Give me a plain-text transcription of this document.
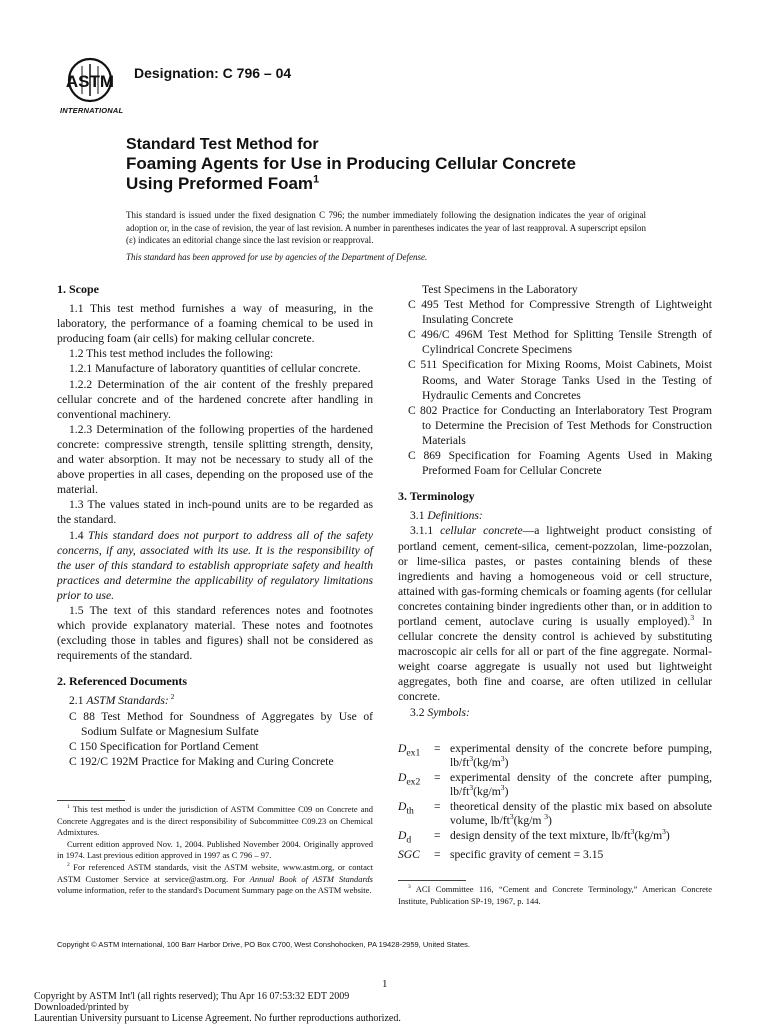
ASTM
INTERNATIONAL
Designation: C 796 – 04
Standard Test Method for
Foaming Agents for Use in Producing Cellular Concrete
Using Preformed Foam$^1$
This standard is issued under the fixed designation C 796; the number immediately following the designation indicates the year of original adoption or, in the case of revision, the year of last revision. A number in parentheses indicates the year of last reapproval. A superscript epsilon (ε) indicates an editorial change since the last revision or reapproval.
This standard has been approved for use by agencies of the Department of Defense.
1. Scope

1.1 This test method furnishes a way of measuring, in the laboratory, the performance of a foaming chemical to be used in producing foam (air cells) for making cellular concrete.

1.2 This test method includes the following:

1.2.1 Manufacture of laboratory quantities of cellular concrete.

1.2.2 Determination of the air content of the freshly prepared cellular concrete and of the hardened concrete after handling in conventional machinery.

1.2.3 Determination of the following properties of the hardened concrete: compressive strength, tensile splitting strength, density, and water absorption. It may not be necessary to study all of the above properties in all cases, depending on the proposed use of the material.

1.3 The values stated in inch-pound units are to be regarded as the standard.

1.4 This standard does not purport to address all of the safety concerns, if any, associated with its use. It is the responsibility of the user of this standard to establish appropriate safety and health practices and determine the applicability of regulatory limitations prior to use.

1.5 The text of this standard references notes and footnotes which provide explanatory material. These notes and footnotes (excluding those in tables and figures) shall not be considered as requirements of the standard.

2. Referenced Documents

2.1 ASTM Standards: $^2$

C 88 Test Method for Soundness of Aggregates by Use of Sodium Sulfate or Magnesium Sulfate

C 150 Specification for Portland Cement

C 192/C 192M Practice for Making and Curing Concrete

$^1$ This test method is under the jurisdiction of ASTM Committee C09 on Concrete and Concrete Aggregates and is the direct responsibility of Subcommittee C09.23 on Chemical Admixtures.

Current edition approved Nov. 1, 2004. Published November 2004. Originally approved in 1974. Last previous edition approved in 1997 as C 796 – 97.

$^2$ For referenced ASTM standards, visit the ASTM website, www.astm.org, or contact ASTM Customer Service at service@astm.org. For Annual Book of ASTM Standards volume information, refer to the standard's Document Summary page on the ASTM website.

Test Specimens in the Laboratory

C 495 Test Method for Compressive Strength of Lightweight Insulating Concrete

C 496/C 496M Test Method for Splitting Tensile Strength of Cylindrical Concrete Specimens

C 511 Specification for Mixing Rooms, Moist Cabinets, Moist Rooms, and Water Storage Tanks Used in the Testing of Hydraulic Cements and Concretes

C 802 Practice for Conducting an Interlaboratory Test Program to Determine the Precision of Test Methods for Construction Materials

C 869 Specification for Foaming Agents Used in Making Preformed Foam for Cellular Concrete

3. Terminology

3.1 Definitions:

3.1.1 cellular concrete—a lightweight product consisting of portland cement, cement-silica, cement-pozzolan, lime-pozzolan, or lime-silica pastes, or pastes containing blends of these ingredients and having a homogeneous void or cell structure, attained with gas-forming chemicals or foaming agents (for cellular concretes containing binder ingredients other than, or in addition to portland cement, autoclave curing is usually employed).$^3$ In cellular concrete the density control is achieved by substituting macroscopic air cells for all or part of the fine aggregate. Normal-weight coarse aggregate is usually not used but lightweight aggregates, both fine and coarse, are often utilized in cellular concrete.

3.2 Symbols:

$D_{ex1}$	=	experimental density of the concrete before pumping, $lb/ft^3(kg/m^3)$
$D_{ex2}$	=	experimental density of the concrete after pumping, $lb/ft^3(kg/m^3)$
$D_{th}$	=	theoretical density of the plastic mix based on absolute volume, $lb/ft^3(kg/m$ $^3$)
$D_d$	=	design density of the text mixture, $lb/ft^3(kg/m^3)$
SGC	=	specific gravity of cement = 3.15

$^3$ ACI Committee 116, “Cement and Concrete Terminology,” American Concrete Institute, Publication SP-19, 1967, p. 144.

Copyright © ASTM International, 100 Barr Harbor Drive, PO Box C700, West Conshohocken, PA 19428-2959, United States.
1
Copyright by ASTM Int'l (all rights reserved); Thu Apr 16 07:53:32 EDT 2009
Downloaded/printed by
Laurentian University pursuant to License Agreement. No further reproductions authorized.
